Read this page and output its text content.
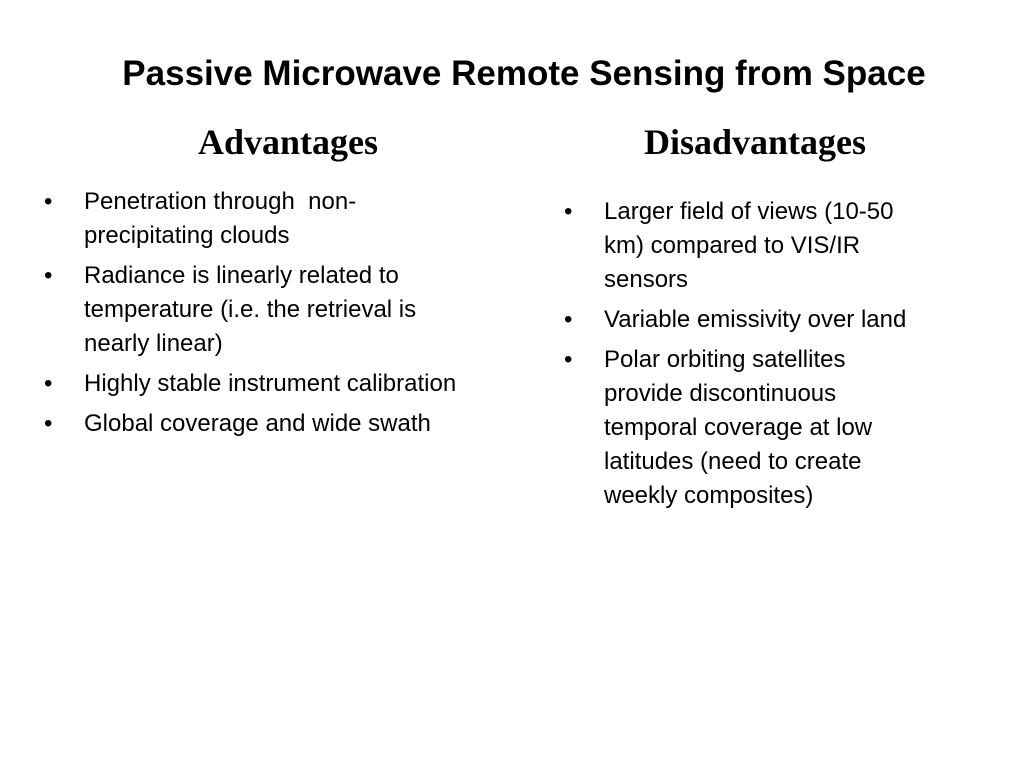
Passive Microwave Remote Sensing from Space
Advantages	Disadvantages
• Penetration through  non-
precipitating clouds
• Radiance is linearly related to
temperature (i.e. the retrieval is
nearly linear)
• Highly stable instrument calibration
• Global coverage and wide swath
• Larger field of views (10-50
km) compared to VIS/IR
sensors
• Variable emissivity over land
• Polar orbiting satellites
provide discontinuous
temporal coverage at low
latitudes (need to create
weekly composites)
